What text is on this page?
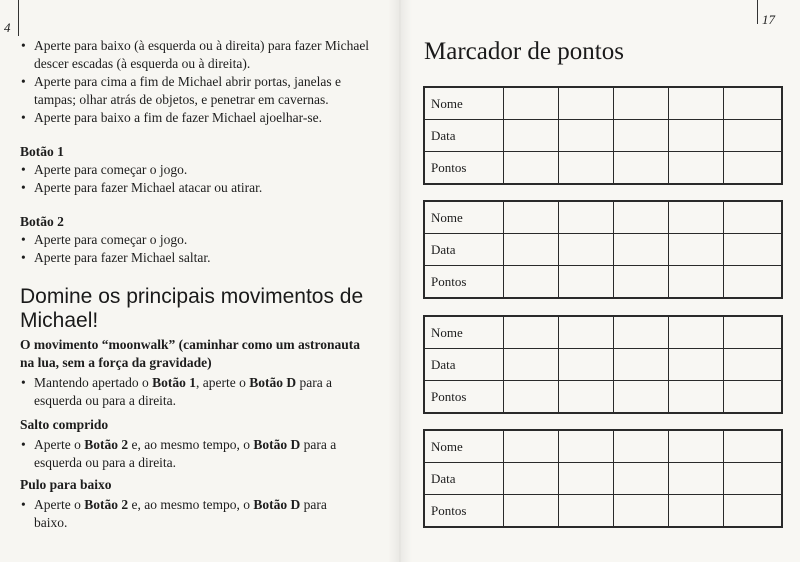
4
• Aperte para baixo (à esquerda ou à direita) para fazer Michael descer escadas (à esquerda ou à direita).
• Aperte para cima a fim de Michael abrir portas, janelas e tampas; olhar atrás de objetos, e penetrar em cavernas.
• Aperte para baixo a fim de fazer Michael ajoelhar-se.
Botão 1
• Aperte para começar o jogo.
• Aperte para fazer Michael atacar ou atirar.
Botão 2
• Aperte para começar o jogo.
• Aperte para fazer Michael saltar.
Domine os principais movimentos de Michael!
O movimento “moonwalk” (caminhar como um astronauta na lua, sem a força da gravidade)
• Mantendo apertado o Botão 1, aperte o Botão D para a esquerda ou para a direita.
Salto comprido
• Aperte o Botão 2 e, ao mesmo tempo, o Botão D para a esquerda ou para a direita.
Pulo para baixo
• Aperte o Botão 2 e, ao mesmo tempo, o Botão D para baixo.
17
Marcador de pontos
Nome					
Data					
Pontos					
Nome					
Data					
Pontos					
Nome					
Data					
Pontos					
Nome					
Data					
Pontos					
